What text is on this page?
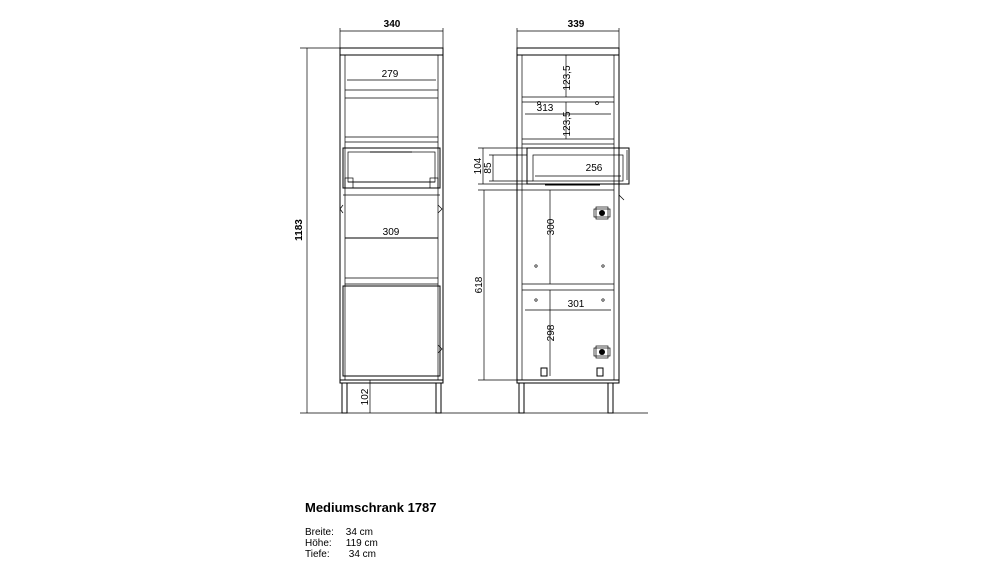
340
279
309
102
1183
339
123,5
313
123,5
256
104 85
300
301
298
618
Mediumschrank 1787
Breite: 34 cm
Höhe: 119 cm
Tiefe: 34 cm
